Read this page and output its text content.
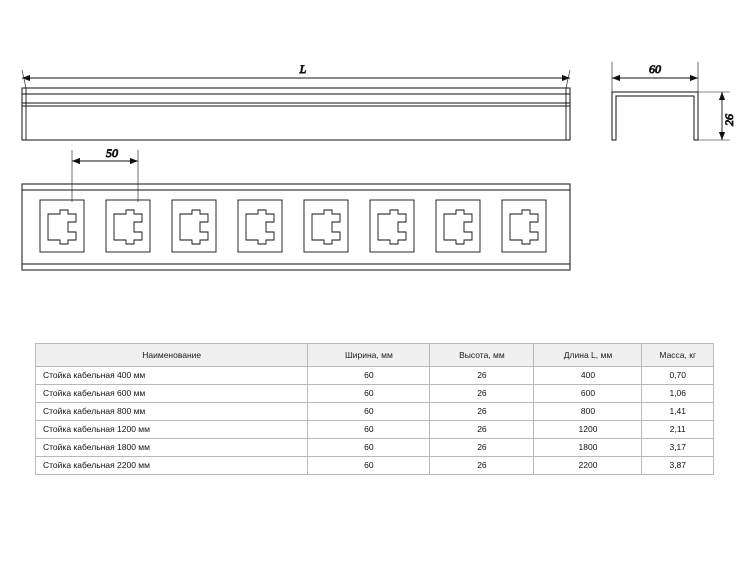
L	60
26
50
Наименование	Ширина, мм	Высота, мм	Длина L, мм	Масса, кг
Стойка кабельная 400 мм	60	26	400	0,70
Стойка кабельная 600 мм	60	26	600	1,06
Стойка кабельная 800 мм	60	26	800	1,41
Стойка кабельная 1200 мм	60	26	1200	2,11
Стойка кабельная 1800 мм	60	26	1800	3,17
Стойка кабельная 2200 мм	60	26	2200	3,87
